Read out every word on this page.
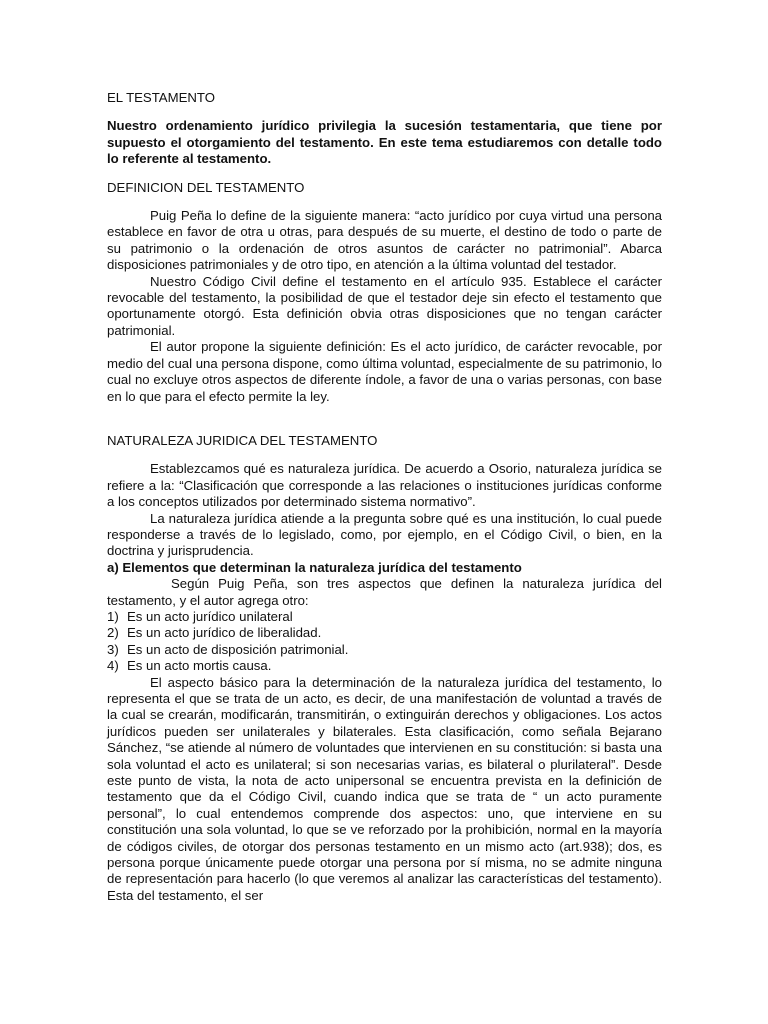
EL TESTAMENTO

Nuestro ordenamiento jurídico privilegia la sucesión testamentaria, que tiene por supuesto el otorgamiento del testamento. En este tema estudiaremos con detalle todo lo referente al testamento.

DEFINICION DEL TESTAMENTO

Puig Peña lo define de la siguiente manera: “acto jurídico por cuya virtud una persona establece en favor de otra u otras, para después de su muerte, el destino de todo o parte de su patrimonio o la ordenación de otros asuntos de carácter no patrimonial”. Abarca disposiciones patrimoniales y de otro tipo, en atención a la última voluntad del testador.

Nuestro Código Civil define el testamento en el artículo 935. Establece el carácter revocable del testamento, la posibilidad de que el testador deje sin efecto el testamento que oportunamente otorgó. Esta definición obvia otras disposiciones que no tengan carácter patrimonial.

El autor propone la siguiente definición: Es el acto jurídico, de carácter revocable, por medio del cual una persona dispone, como última voluntad, especialmente de su patrimonio, lo cual no excluye otros aspectos de diferente índole, a favor de una o varias personas, con base en lo que para el efecto permite la ley.

NATURALEZA JURIDICA DEL TESTAMENTO

Establezcamos qué es naturaleza jurídica. De acuerdo a Osorio, naturaleza jurídica se refiere a la: “Clasificación que corresponde a las relaciones o instituciones jurídicas conforme a los conceptos utilizados por determinado sistema normativo”.

La naturaleza jurídica atiende a la pregunta sobre qué es una institución, lo cual puede responderse a través de lo legislado, como, por ejemplo, en el Código Civil, o bien, en la doctrina y jurisprudencia.

a) Elementos que determinan la naturaleza jurídica del testamento

Según Puig Peña, son tres aspectos que definen la naturaleza jurídica del testamento, y el autor agrega otro:

1) Es un acto jurídico unilateral

2) Es un acto jurídico de liberalidad.

3) Es un acto de disposición patrimonial.

4) Es un acto mortis causa.

El aspecto básico para la determinación de la naturaleza jurídica del testamento, lo representa el que se trata de un acto, es decir, de una manifestación de voluntad a través de la cual se crearán, modificarán, transmitirán, o extinguirán derechos y obligaciones. Los actos jurídicos pueden ser unilaterales y bilaterales. Esta clasificación, como señala Bejarano Sánchez, “se atiende al número de voluntades que intervienen en su constitución: si basta una sola voluntad el acto es unilateral; si son necesarias varias, es bilateral o plurilateral”. Desde este punto de vista, la nota de acto unipersonal se encuentra prevista en la definición de testamento que da el Código Civil, cuando indica que se trata de “ un acto puramente personal”, lo cual entendemos comprende dos aspectos: uno, que interviene en su constitución una sola voluntad, lo que se ve reforzado por la prohibición, normal en la mayoría de códigos civiles, de otorgar dos personas testamento en un mismo acto (art.938); dos, es persona porque únicamente puede otorgar una persona por sí misma, no se admite ninguna de representación para hacerlo (lo que veremos al analizar las características del testamento). Esta del testamento, el ser
